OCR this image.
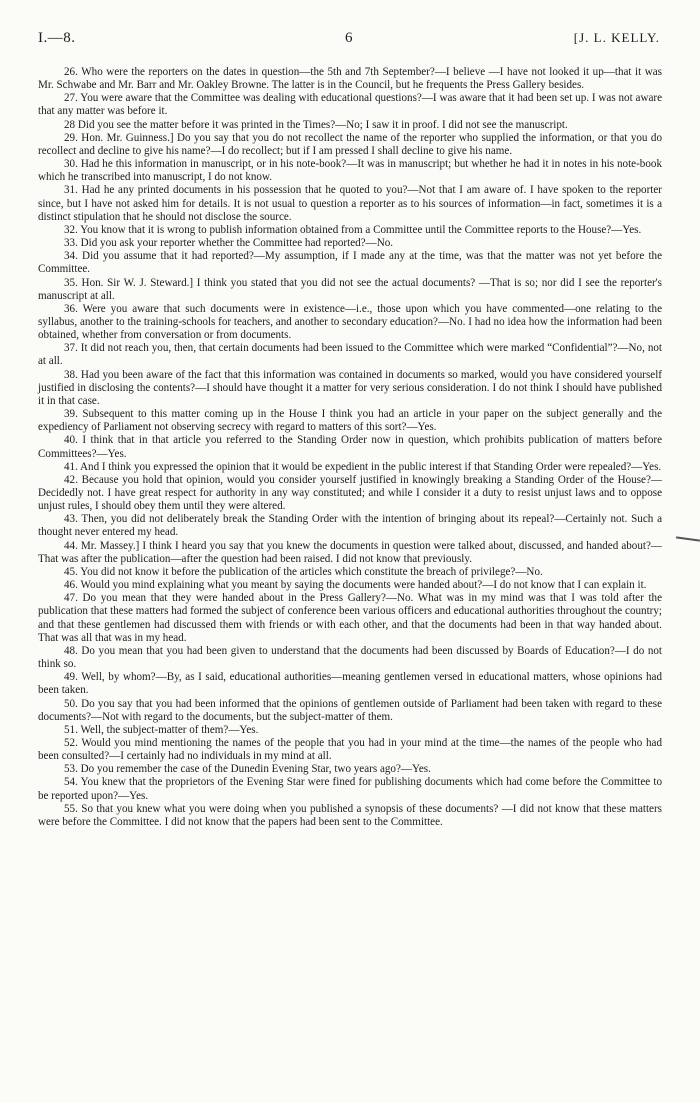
I.—8.	6	[J. L. KELLY.

26. Who were the reporters on the dates in question—the 5th and 7th September?—I believe —I have not looked it up—that it was Mr. Schwabe and Mr. Barr and Mr. Oakley Browne. The latter is in the Council, but he frequents the Press Gallery besides.

27. You were aware that the Committee was dealing with educational questions?—I was aware that it had been set up. I was not aware that any matter was before it.

28 Did you see the matter before it was printed in the Times?—No; I saw it in proof. I did not see the manuscript.

29. Hon. Mr. Guinness.] Do you say that you do not recollect the name of the reporter who supplied the information, or that you do recollect and decline to give his name?—I do recollect; but if I am pressed I shall decline to give his name.

30. Had he this information in manuscript, or in his note-book?—It was in manuscript; but whether he had it in notes in his note-book which he transcribed into manuscript, I do not know.

31. Had he any printed documents in his possession that he quoted to you?—Not that I am aware of. I have spoken to the reporter since, but I have not asked him for details. It is not usual to question a reporter as to his sources of information—in fact, sometimes it is a distinct stipulation that he should not disclose the source.

32. You know that it is wrong to publish information obtained from a Committee until the Committee reports to the House?—Yes.

33. Did you ask your reporter whether the Committee had reported?—No.

34. Did you assume that it had reported?—My assumption, if I made any at the time, was that the matter was not yet before the Committee.

35. Hon. Sir W. J. Steward.] I think you stated that you did not see the actual documents? —That is so; nor did I see the reporter's manuscript at all.

36. Were you aware that such documents were in existence—i.e., those upon which you have commented—one relating to the syllabus, another to the training-schools for teachers, and another to secondary education?—No. I had no idea how the information had been obtained, whether from conversation or from documents.

37. It did not reach you, then, that certain documents had been issued to the Committee which were marked “Confidential”?—No, not at all.

38. Had you been aware of the fact that this information was contained in documents so marked, would you have considered yourself justified in disclosing the contents?—I should have thought it a matter for very serious consideration. I do not think I should have published it in that case.

39. Subsequent to this matter coming up in the House I think you had an article in your paper on the subject generally and the expediency of Parliament not observing secrecy with regard to matters of this sort?—Yes.

40. I think that in that article you referred to the Standing Order now in question, which prohibits publication of matters before Committees?—Yes.

41. And I think you expressed the opinion that it would be expedient in the public interest if that Standing Order were repealed?—Yes.

42. Because you hold that opinion, would you consider yourself justified in knowingly breaking a Standing Order of the House?—Decidedly not. I have great respect for authority in any way constituted; and while I consider it a duty to resist unjust laws and to oppose unjust rules, I should obey them until they were altered.

43. Then, you did not deliberately break the Standing Order with the intention of bringing about its repeal?—Certainly not. Such a thought never entered my head.

44. Mr. Massey.] I think I heard you say that you knew the documents in question were talked about, discussed, and handed about?—That was after the publication—after the question had been raised. I did not know that previously.

45. You did not know it before the publication of the articles which constitute the breach of privilege?—No.

46. Would you mind explaining what you meant by saying the documents were handed about?—I do not know that I can explain it.

47. Do you mean that they were handed about in the Press Gallery?—No. What was in my mind was that I was told after the publication that these matters had formed the subject of conference been various officers and educational authorities throughout the country; and that these gentlemen had discussed them with friends or with each other, and that the documents had been in that way handed about. That was all that was in my head.

48. Do you mean that you had been given to understand that the documents had been discussed by Boards of Education?—I do not think so.

49. Well, by whom?—By, as I said, educational authorities—meaning gentlemen versed in educational matters, whose opinions had been taken.

50. Do you say that you had been informed that the opinions of gentlemen outside of Parliament had been taken with regard to these documents?—Not with regard to the documents, but the subject-matter of them.

51. Well, the subject-matter of them?—Yes.

52. Would you mind mentioning the names of the people that you had in your mind at the time—the names of the people who had been consulted?—I certainly had no individuals in my mind at all.

53. Do you remember the case of the Dunedin Evening Star, two years ago?—Yes.

54. You knew that the proprietors of the Evening Star were fined for publishing documents which had come before the Committee to be reported upon?—Yes.

55. So that you knew what you were doing when you published a synopsis of these documents? —I did not know that these matters were before the Committee. I did not know that the papers had been sent to the Committee.
